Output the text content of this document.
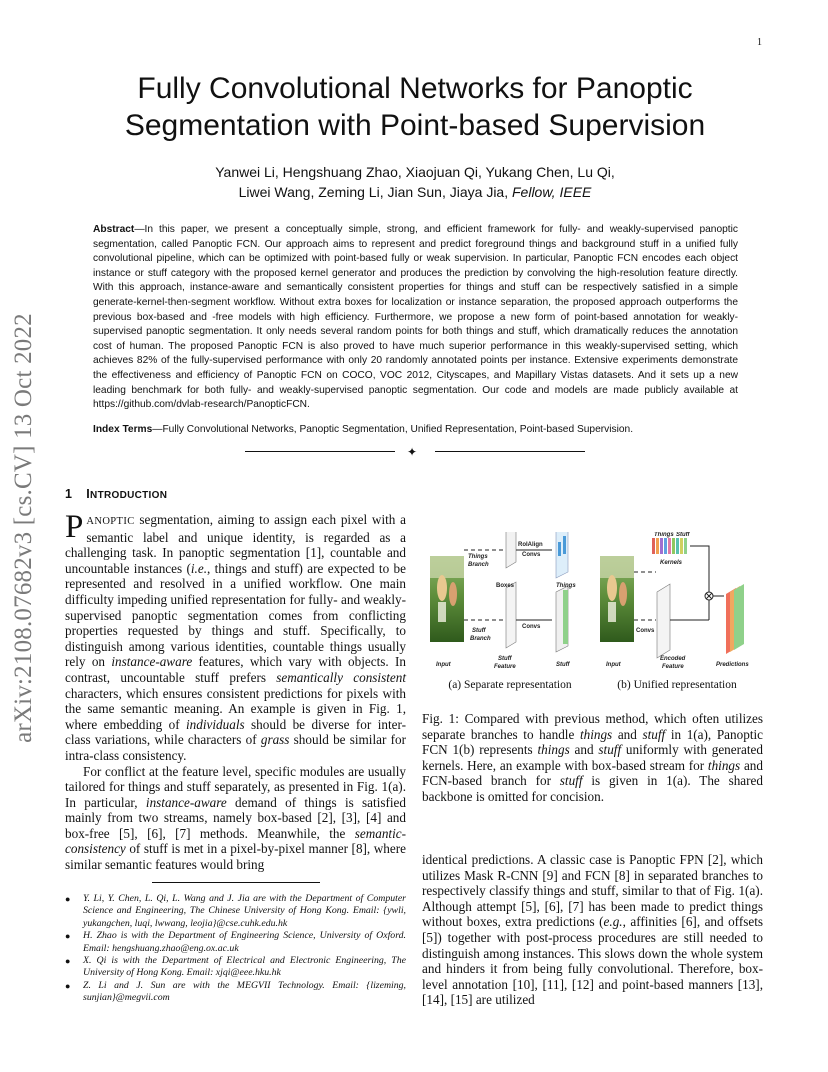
1
arXiv:2108.07682v3 [cs.CV] 13 Oct 2022
Fully Convolutional Networks for Panoptic
Segmentation with Point-based Supervision
Yanwei Li, Hengshuang Zhao, Xiaojuan Qi, Yukang Chen, Lu Qi,
Liwei Wang, Zeming Li, Jian Sun, Jiaya Jia, Fellow, IEEE
Abstract—In this paper, we present a conceptually simple, strong, and efficient framework for fully- and weakly-supervised panoptic segmentation, called Panoptic FCN. Our approach aims to represent and predict foreground things and background stuff in a unified fully convolutional pipeline, which can be optimized with point-based fully or weak supervision. In particular, Panoptic FCN encodes each object instance or stuff category with the proposed kernel generator and produces the prediction by convolving the high-resolution feature directly. With this approach, instance-aware and semantically consistent properties for things and stuff can be respectively satisfied in a simple generate-kernel-then-segment workflow. Without extra boxes for localization or instance separation, the proposed approach outperforms the previous box-based and -free models with high efficiency. Furthermore, we propose a new form of point-based annotation for weakly-supervised panoptic segmentation. It only needs several random points for both things and stuff, which dramatically reduces the annotation cost of human. The proposed Panoptic FCN is also proved to have much superior performance in this weakly-supervised setting, which achieves 82% of the fully-supervised performance with only 20 randomly annotated points per instance. Extensive experiments demonstrate the effectiveness and efficiency of Panoptic FCN on COCO, VOC 2012, Cityscapes, and Mapillary Vistas datasets. And it sets up a new leading benchmark for both fully- and weakly-supervised panoptic segmentation. Our code and models are made publicly available at https://github.com/dvlab-research/PanopticFCN.
Index Terms—Fully Convolutional Networks, Panoptic Segmentation, Unified Representation, Point-based Supervision.
✦
1 INTRODUCTION

PANOPTIC segmentation, aiming to assign each pixel with a semantic label and unique identity, is regarded as a challenging task. In panoptic segmentation [1], countable and uncountable instances (i.e., things and stuff) are expected to be represented and resolved in a unified workflow. One main difficulty impeding unified representation for fully- and weakly-supervised panoptic segmentation comes from conflicting properties requested by things and stuff. Specifically, to distinguish among various identities, countable things usually rely on instance-aware features, which vary with objects. In contrast, uncountable stuff prefers semantically consistent characters, which ensures consistent predictions for pixels with the same semantic meaning. An example is given in Fig. 1, where embedding of individuals should be diverse for inter-class variations, while characters of grass should be similar for intra-class consistency.

For conflict at the feature level, specific modules are usually tailored for things and stuff separately, as presented in Fig. 1(a). In particular, instance-aware demand of things is satisfied mainly from two streams, namely box-based [2], [3], [4] and box-free [5], [6], [7] methods. Meanwhile, the semantic-consistency of stuff is met in a pixel-by-pixel manner [8], where similar semantic features would bring

● Y. Li, Y. Chen, L. Qi, L. Wang and J. Jia are with the Department of Computer Science and Engineering, The Chinese University of Hong Kong. Email: {ywli, yukangchen, luqi, lwwang, leojia}@cse.cuhk.edu.hk
● H. Zhao is with the Department of Engineering Science, University of Oxford. Email: hengshuang.zhao@eng.ox.ac.uk
● X. Qi is with the Department of Electrical and Electronic Engineering, The University of Hong Kong. Email: xjqi@eee.hku.hk
● Z. Li and J. Sun are with the MEGVII Technology. Email: {lizeming, sunjian}@megvii.com
RoIAlign
Convs
Things
Branch
Boxes	Things
Stuff
Branch
Convs
Input
Stuff
Feature	Stuff
Things Stuff
Kernels
Convs
Input
Encoded
Feature	Predictions
(a) Separate representation	(b) Unified representation
Fig. 1: Compared with previous method, which often utilizes separate branches to handle things and stuff in 1(a), Panoptic FCN 1(b) represents things and stuff uniformly with generated kernels. Here, an example with box-based stream for things and FCN-based branch for stuff is given in 1(a). The shared backbone is omitted for concision.
identical predictions. A classic case is Panoptic FPN [2], which utilizes Mask R-CNN [9] and FCN [8] in separated branches to respectively classify things and stuff, similar to that of Fig. 1(a). Although attempt [5], [6], [7] has been made to predict things without boxes, extra predictions (e.g., affinities [6], and offsets [5]) together with post-process procedures are still needed to distinguish among instances. This slows down the whole system and hinders it from being fully convolutional. Therefore, box-level annotation [10], [11], [12] and point-based manners [13], [14], [15] are utilized
